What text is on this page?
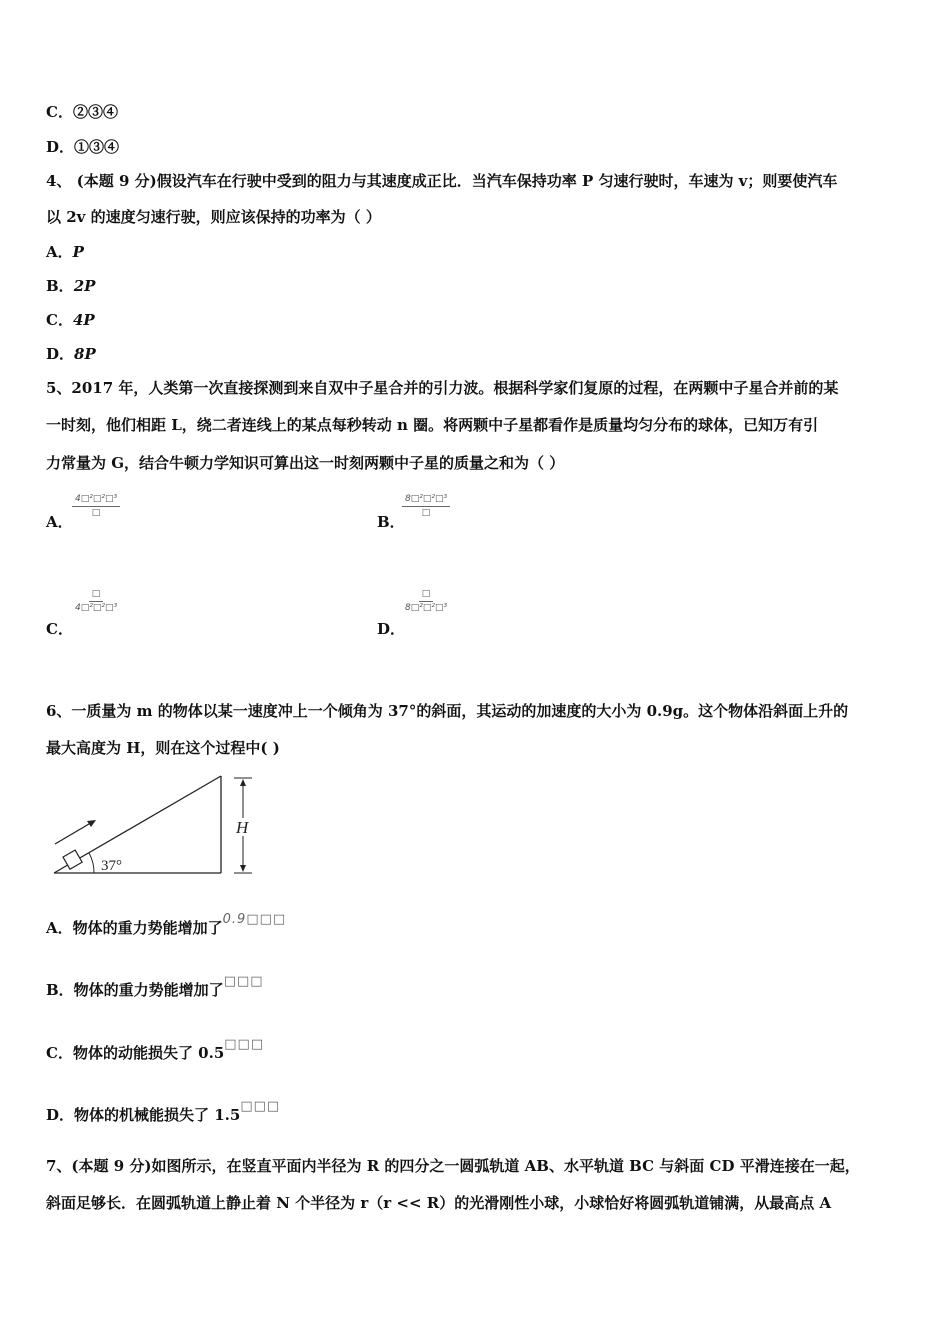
C．②③④
D．①③④
4、 (本题 9 分)假设汽车在行驶中受到的阻力与其速度成正比．当汽车保持功率 P 匀速行驶时，车速为 v；则要使汽车
以 2v 的速度匀速行驶，则应该保持的功率为（ ）
A．P
B．2P
C．4P
D．8P
5、2017 年，人类第一次直接探测到来自双中子星合并的引力波。根据科学家们复原的过程，在两颗中子星合并前的某
一时刻，他们相距 L，绕二者连线上的某点每秒转动 n 圈。将两颗中子星都看作是质量均匀分布的球体，已知万有引
力常量为 G，结合牛顿力学知识可算出这一时刻两颗中子星的质量之和为（ ）
A．
4□²□²□³
□	B．
8□²□²□³
□
C．
□
4□²□²□³
D．
□
8□²□²□³
6、一质量为 m 的物体以某一速度冲上一个倾角为 37°的斜面，其运动的加速度的大小为 0.9g。这个物体沿斜面上升的
最大高度为 H，则在这个过程中( )
37°
H
A．物体的重力势能增加了0.9□□□
B．物体的重力势能增加了□□□
C．物体的动能损失了 0.5□□□
D．物体的机械能损失了 1.5□□□
7、(本题 9 分)如图所示，在竖直平面内半径为 R 的四分之一圆弧轨道 AB、水平轨道 BC 与斜面 CD 平滑连接在一起，
斜面足够长．在圆弧轨道上静止着 N 个半径为 r（r << R）的光滑刚性小球，小球恰好将圆弧轨道铺满，从最高点 A
